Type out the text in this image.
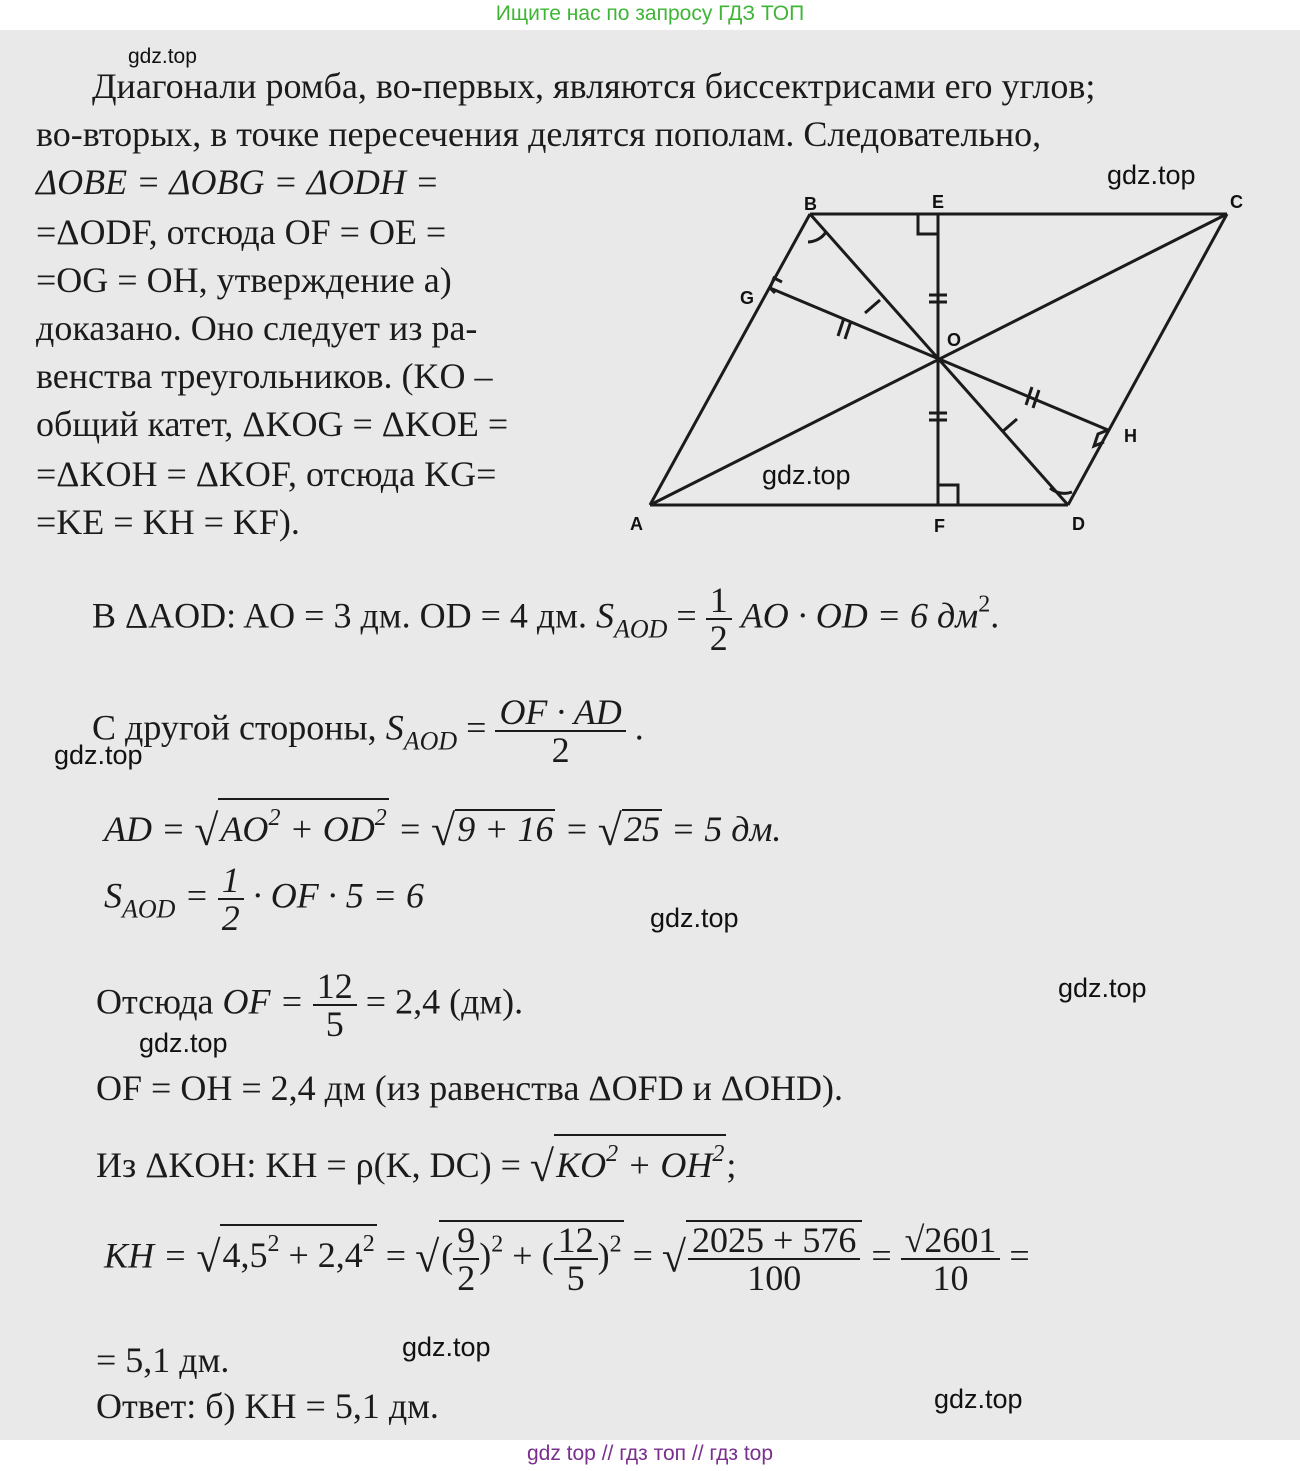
Ищите нас по запросу ГДЗ ТОП
gdz.top
gdz.top
gdz.top
gdz.top
gdz.top
gdz.top
gdz.top
gdz.top
gdz.top
Диагонали ромба, во-первых, являются биссектрисами его углов;
во-вторых, в точке пересечения делятся пополам. Следовательно,
ΔOBE = ΔOBG = ΔODH =
=ΔODF, отсюда OF = OE =
=OG = OH, утверждение а)
доказано. Оно следует из ра-
венства треугольников. (KO –
общий катет, ΔKOG = ΔKOE =
=ΔKOH = ΔKOF, отсюда KG=
=KE = KH = KF).
B	E	C
G
O
H
A	F	D
В ΔAOD: AO = 3 дм. OD = 4 дм. $S_{AOD} = \frac{1}{2}$ AO · OD = 6 $дм^2$.
С другой стороны, $S_{AOD} = \frac{OF \cdot AD}{2}$ .
AD = $√AO^2 + OD^2 = √9 + 16 = √25 = 5$ дм.
$S_{AOD} = \frac{1}{2}$ · OF · 5 = 6
Отсюда OF = $\frac{12}{5} = 2,4$ (дм).
OF = OH = 2,4 дм (из равенства ΔOFD и ΔOHD).
Из ΔKOH: KH = ρ(K, $DC) = √KO^2 + OH^2$;
KH = $√4,5^2 + 2,4^2$ = √( $\frac{9}{2} )^2$ + ( $\frac{12}{5} )^2$ = √ $\frac{2025 + 576}{100} = \frac{√2601}{10}$ =
= 5,1 дм.
Ответ: б) KH = 5,1 дм.
gdz top // гдз топ // гдз top
